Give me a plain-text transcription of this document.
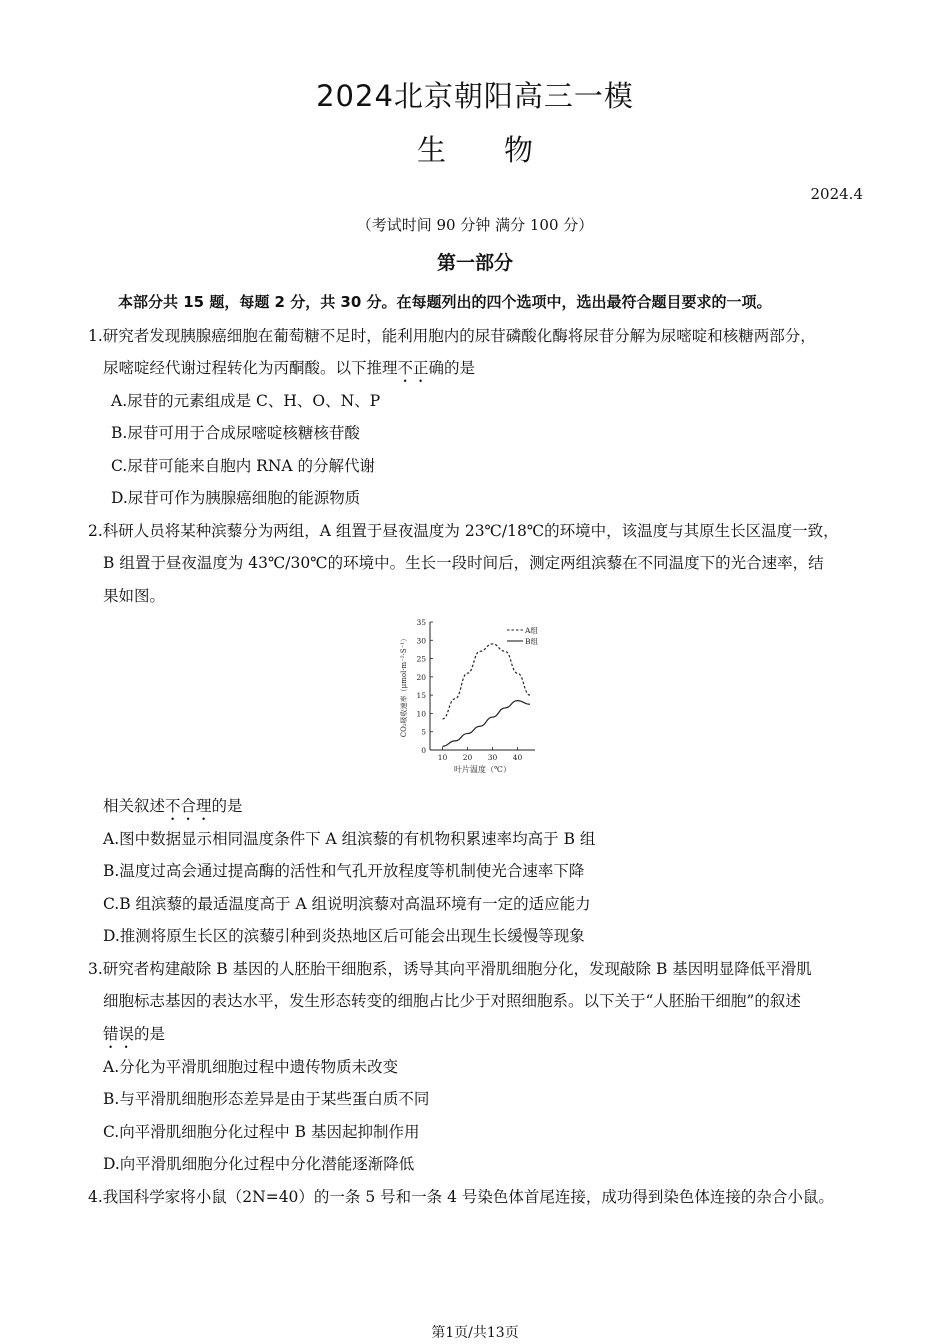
2024北京朝阳高三一模
生物
2024.4
（考试时间 90 分钟 满分 100 分）
第一部分
本部分共 15 题，每题 2 分，共 30 分。在每题列出的四个选项中，选出最符合题目要求的一项。
1.研究者发现胰腺癌细胞在葡萄糖不足时，能利用胞内的尿苷磷酸化酶将尿苷分解为尿嘧啶和核糖两部分，
尿嘧啶经代谢过程转化为丙酮酸。以下推理不正确的是
A.尿苷的元素组成是 C、H、O、N、P
B.尿苷可用于合成尿嘧啶核糖核苷酸
C.尿苷可能来自胞内 RNA 的分解代谢
D.尿苷可作为胰腺癌细胞的能源物质
2.科研人员将某种滨藜分为两组，A 组置于昼夜温度为 23℃/18℃的环境中，该温度与其原生长区温度一致，
B 组置于昼夜温度为 43℃/30℃的环境中。生长一段时间后，测定两组滨藜在不同温度下的光合速率，结
果如图。
0
5
10
15
20
25
30
35
10 20 30 40
叶片温度（℃）
CO₂吸收速率（μmol·m⁻²·S⁻¹）
A组
B组
相关叙述不合理的是
A.图中数据显示相同温度条件下 A 组滨藜的有机物积累速率均高于 B 组
B.温度过高会通过提高酶的活性和气孔开放程度等机制使光合速率下降
C.B 组滨藜的最适温度高于 A 组说明滨藜对高温环境有一定的适应能力
D.推测将原生长区的滨藜引种到炎热地区后可能会出现生长缓慢等现象
3.研究者构建敲除 B 基因的人胚胎干细胞系，诱导其向平滑肌细胞分化，发现敲除 B 基因明显降低平滑肌
细胞标志基因的表达水平，发生形态转变的细胞占比少于对照细胞系。以下关于“人胚胎干细胞”的叙述
错误的是
A.分化为平滑肌细胞过程中遗传物质未改变
B.与平滑肌细胞形态差异是由于某些蛋白质不同
C.向平滑肌细胞分化过程中 B 基因起抑制作用
D.向平滑肌细胞分化过程中分化潜能逐渐降低
4.我国科学家将小鼠（2N=40）的一条 5 号和一条 4 号染色体首尾连接，成功得到染色体连接的杂合小鼠。
第1页/共13页
